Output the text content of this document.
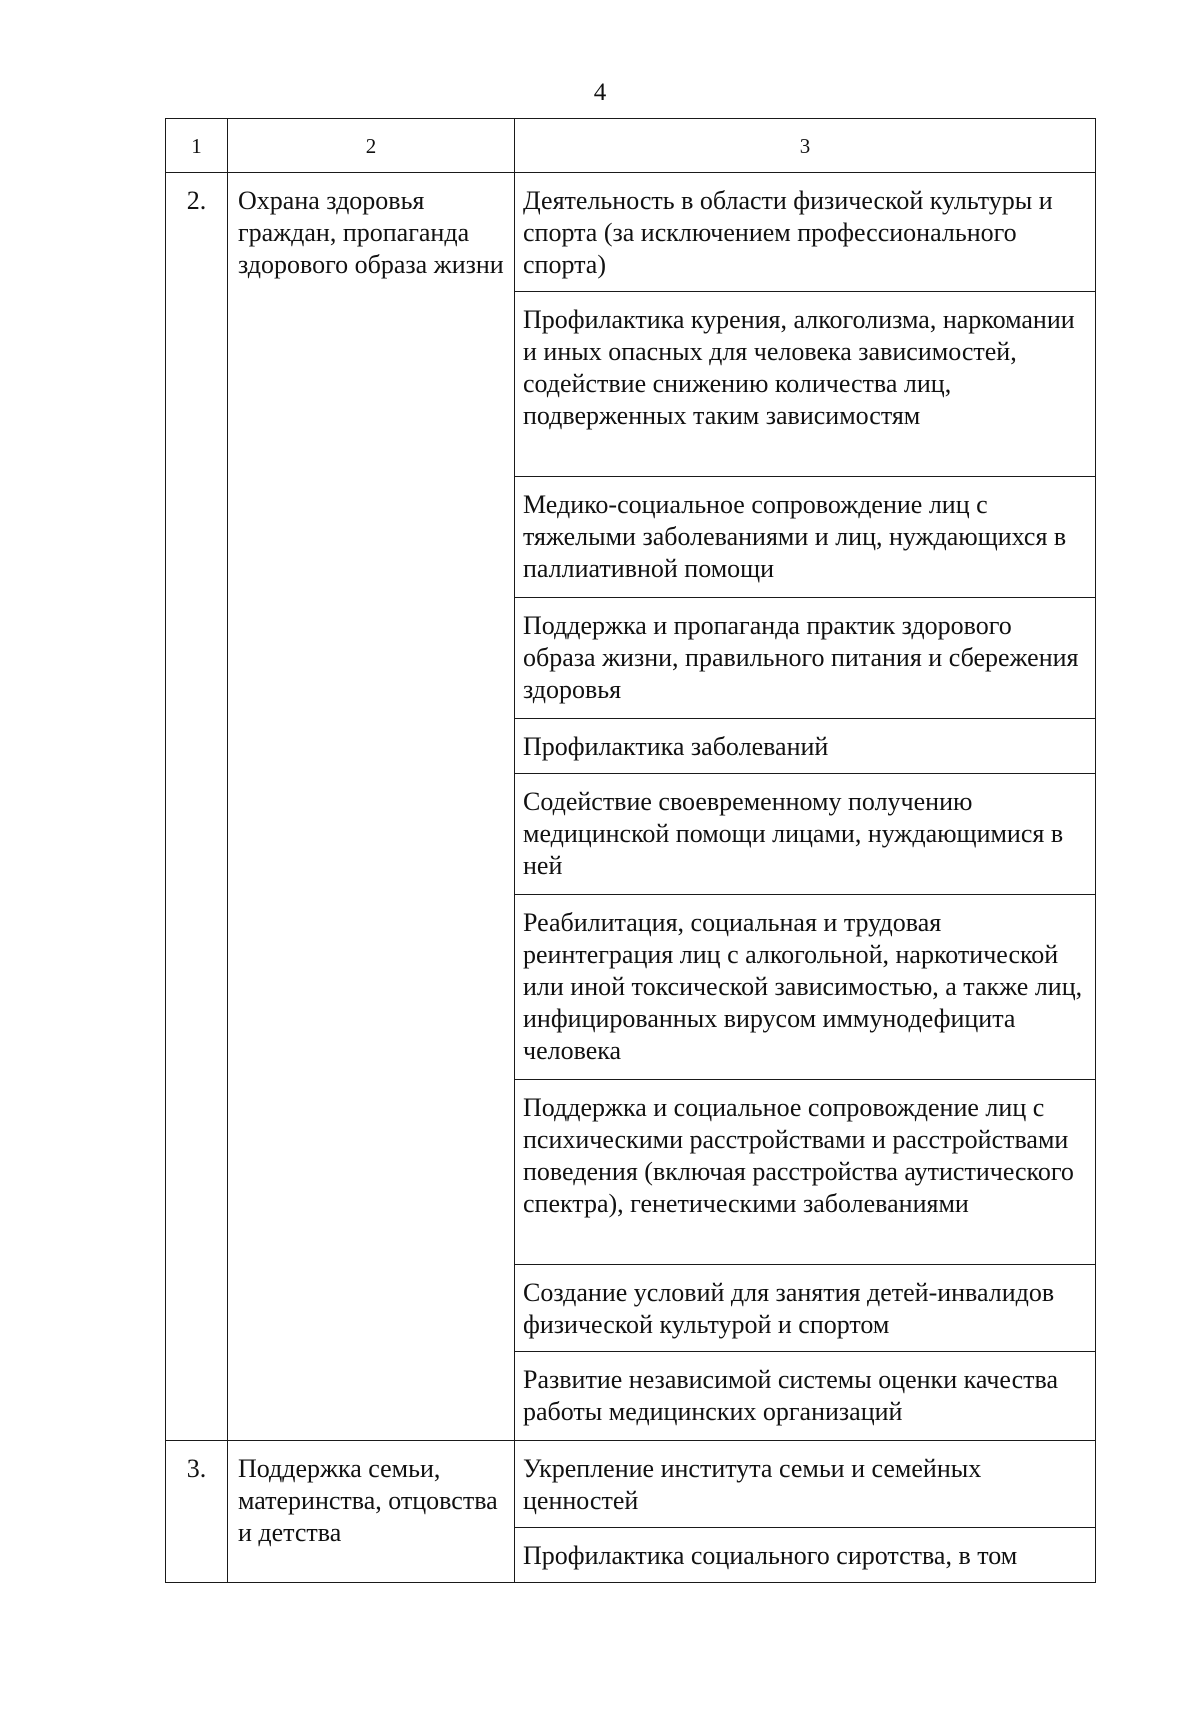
4
1	2	3
2.	Охрана здоровья граждан, пропаганда здорового образа жизни	Деятельность в области физической культуры и спорта (за исключением профессионального спорта)
		Профилактика курения, алкоголизма, наркомании и иных опасных для человека зависимостей, содействие снижению количества лиц, подверженных таким зависимостям
		Медико-социальное сопровождение лиц с тяжелыми заболеваниями и лиц, нуждающихся в паллиативной помощи
		Поддержка и пропаганда практик здорового образа жизни, правильного питания и сбережения здоровья
		Профилактика заболеваний
		Содействие своевременному получению медицинской помощи лицами, нуждающимися в ней
		Реабилитация, социальная и трудовая реинтеграция лиц с алкогольной, наркотической или иной токсической зависимостью, а также лиц, инфицированных вирусом иммунодефицита человека
		Поддержка и социальное сопровождение лиц с психическими расстройствами и расстройствами поведения (включая расстройства аутистического спектра), генетическими заболеваниями
		Создание условий для занятия детей-инвалидов физической культурой и спортом
		Развитие независимой системы оценки качества работы медицинских организаций
3.	Поддержка семьи, материнства, отцовства и детства	Укрепление института семьи и семейных ценностей
		Профилактика социального сиротства, в том
